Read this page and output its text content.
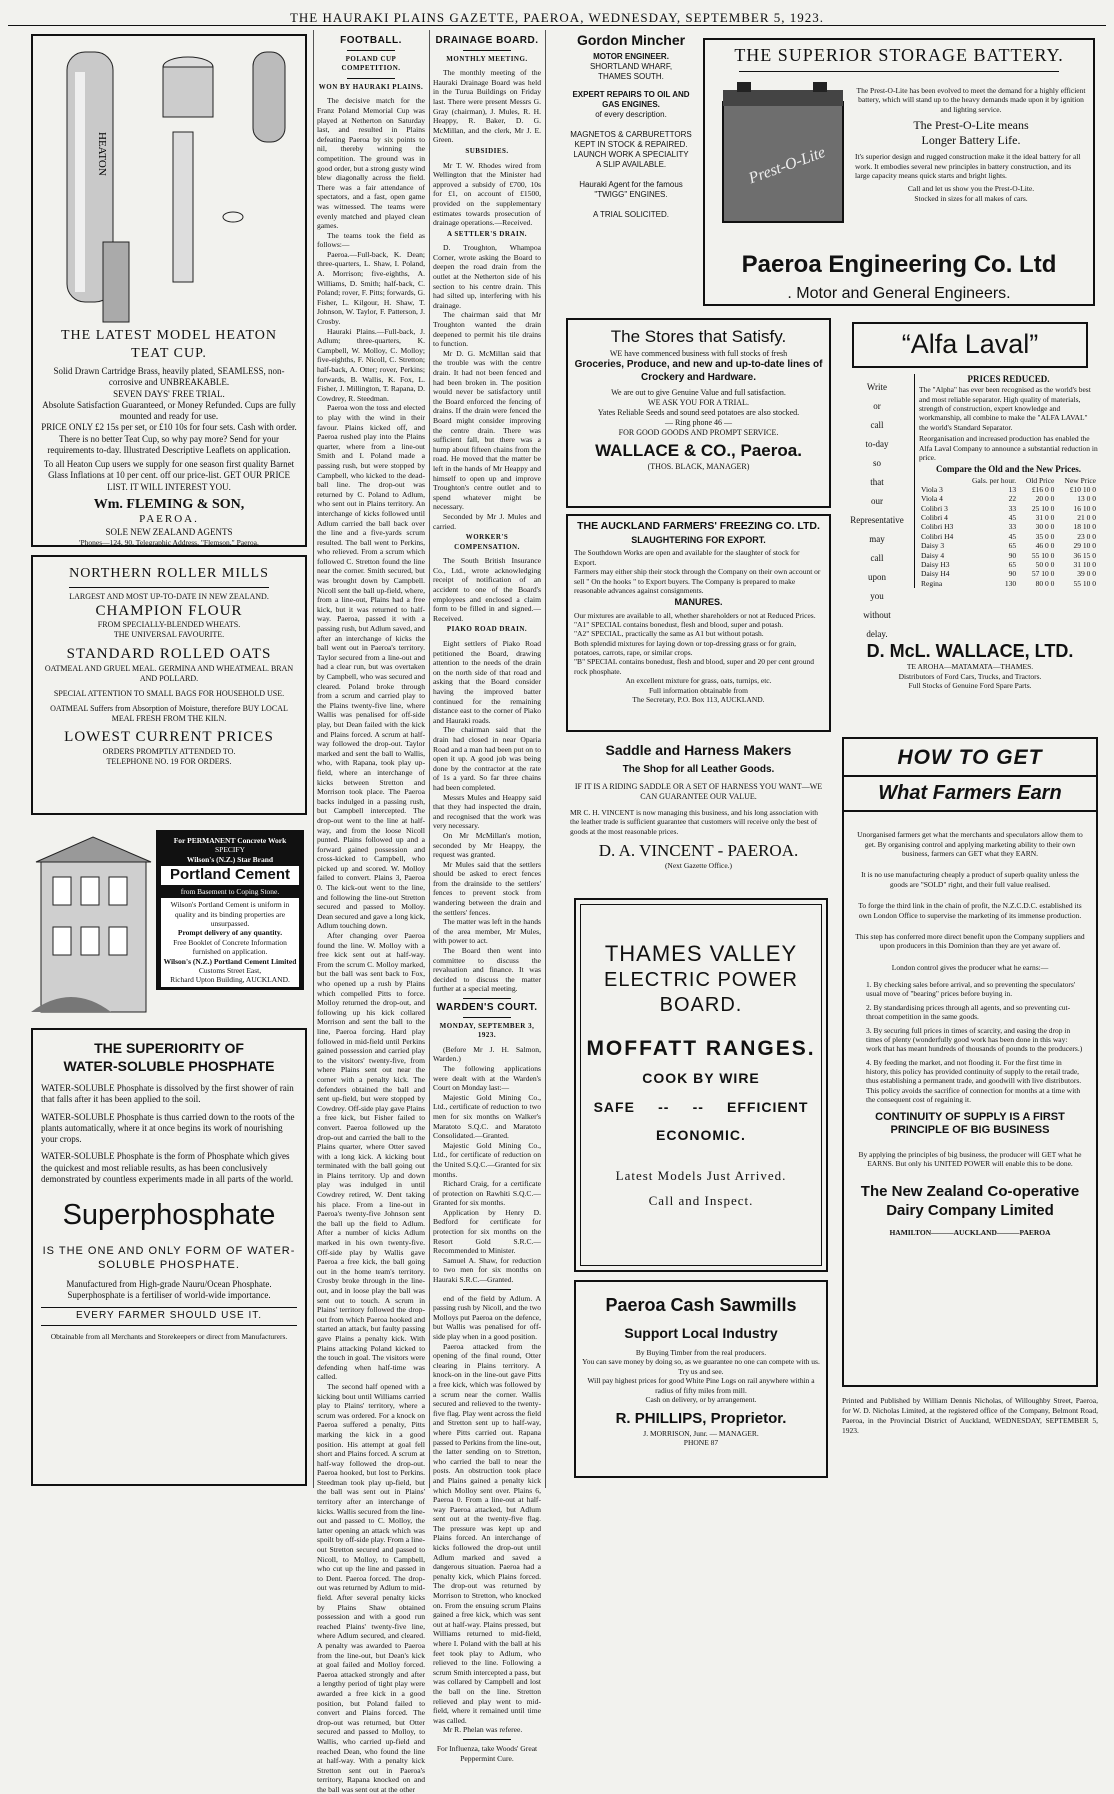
THE HAURAKI PLAINS GAZETTE, PAEROA, WEDNESDAY, SEPTEMBER 5, 1923.
HEATON
THE LATEST MODEL HEATON
TEAT CUP.
Solid Drawn Cartridge Brass, heavily plated, SEAMLESS, non-corrosive and UNBREAKABLE.
SEVEN DAYS' FREE TRIAL.
Absolute Satisfaction Guaranteed, or Money Refunded. Cups are fully mounted and ready for use.
PRICE ONLY £2 15s per set, or £10 10s for four sets. Cash with order.
There is no better Teat Cup, so why pay more? Send for your requirements to-day. Illustrated Descriptive Leaflets on application.
To all Heaton Cup users we supply for one season first quality Barnet Glass Inflations at 10 per cent. off our price-list. GET OUR PRICE LIST. IT WILL INTEREST YOU.
Wm. FLEMING & SON,
PAEROA.
SOLE NEW ZEALAND AGENTS
'Phones—124, 90. Telegraphic Address, "Flemson," Paeroa.
NORTHERN ROLLER MILLS
LARGEST AND MOST UP-TO-DATE IN NEW ZEALAND.
CHAMPION FLOUR
FROM SPECIALLY-BLENDED WHEATS.
THE UNIVERSAL FAVOURITE.
STANDARD ROLLED OATS
OATMEAL AND GRUEL MEAL. GERMINA AND WHEATMEAL. BRAN AND POLLARD.
SPECIAL ATTENTION TO SMALL BAGS FOR HOUSEHOLD USE.
OATMEAL Suffers from Absorption of Moisture, therefore BUY LOCAL MEAL FRESH FROM THE KILN.
LOWEST CURRENT PRICES
ORDERS PROMPTLY ATTENDED TO.
TELEPHONE NO. 19 FOR ORDERS.
For PERMANENT Concrete Work
SPECIFY
Wilson's (N.Z.) Star Brand
Portland Cement
from Basement to Coping Stone.
Wilson's Portland Cement is uniform in quality and its binding properties are unsurpassed.
Prompt delivery of any quantity.
Free Booklet of Concrete Information furnished on application.
Wilson's (N.Z.) Portland Cement Limited
Customs Street East,
Richard Upton Building, AUCKLAND.
THE SUPERIORITY OF
WATER-SOLUBLE PHOSPHATE

WATER-SOLUBLE Phosphate is dissolved by the first shower of rain that falls after it has been applied to the soil.

WATER-SOLUBLE Phosphate is thus carried down to the roots of the plants automatically, where it at once begins its work of nourishing your crops.

WATER-SOLUBLE Phosphate is the form of Phosphate which gives the quickest and most reliable results, as has been conclusively demonstrated by countless experiments made in all parts of the world.

Superphosphate
IS THE ONE AND ONLY FORM OF WATER-SOLUBLE PHOSPHATE.
Manufactured from High-grade Nauru/Ocean Phosphate.
Superphosphate is a fertiliser of world-wide importance.
EVERY FARMER SHOULD USE IT.
Obtainable from all Merchants and Storekeepers or direct from Manufacturers.
FOOTBALL.
POLAND CUP COMPETITION.
WON BY HAURAKI PLAINS.

The decisive match for the Franz Poland Memorial Cup was played at Netherton on Saturday last, and resulted in Plains defeating Paeroa by six points to nil, thereby winning the competition. The ground was in good order, but a strong gusty wind blew diagonally across the field. There was a fair attendance of spectators, and a fast, open game was witnessed. The teams were evenly matched and played clean games.

The teams took the field as follows:—

Paeroa.—Full-back, K. Dean; three-quarters, L. Shaw, I. Poland, A. Morrison; five-eighths, A. Williams, D. Smith; half-back, C. Poland; rover, F. Pitts; forwards, G. Fisher, L. Kilgour, H. Shaw, T. Johnson, W. Taylor, F. Patterson, J. Crosby.

Hauraki Plains.—Full-back, J. Adlum; three-quarters, K. Campbell, W. Molloy, C. Molloy; five-eighths, F. Nicoll, C. Stretton; half-back, A. Otter; rover, Perkins; forwards, B. Wallis, K. Fox, L. Fisher, J. Millington, T. Rapana, D. Cowdrey, R. Steedman.

Paeroa won the toss and elected to play with the wind in their favour. Plains kicked off, and Paeroa rushed play into the Plains quarter, where from a line-out Smith and I. Poland made a passing rush, but were stopped by Campbell, who kicked to the dead-ball line. The drop-out was returned by C. Poland to Adlum, who sent out in Plains territory. An interchange of kicks followed until Adlum carried the ball back over the line and a five-yards scrum resulted. The ball went to Perkins, who relieved. From a scrum which followed C. Stretton found the line near the corner. Smith secured, but was brought down by Campbell. Nicoll sent the ball up-field, where, from a line-out, Plains had a free kick, but it was returned to half-way. Paeroa, passed it with a passing rush, but Adlum saved, and after an interchange of kicks the ball went out in Paeroa's territory. Taylor secured from a line-out and had a clear run, but was overtaken by Campbell, who was secured and cleared. Poland broke through from a scrum and carried play to the Plains twenty-five line, where Wallis was penalised for off-side play, but Dean failed with the kick and Plains forced. A scrum at half-way followed the drop-out. Taylor marked and sent the ball to Wallis, who, with Rapana, took play up-field, where an interchange of kicks between Stretton and Morrison took place. The Paeroa backs indulged in a passing rush, but Campbell intercepted. The drop-out went to the line at half-way, and from the loose Nicoll punted. Plains followed up and a forward gained possession and cross-kicked to Campbell, who picked up and scored. W. Molloy failed to convert. Plains 3, Paeroa 0. The kick-out went to the line, and following the line-out Stretton secured and passed to Molloy. Dean secured and gave a long kick, Adlum touching down.

After changing over Paeroa found the line. W. Molloy with a free kick sent out at half-way. From the scrum C. Molloy marked, but the ball was sent back to Fox, who opened up a rush by Plains which compelled Pitts to force. Molloy returned the drop-out, and following up his kick collared Morrison and sent the ball to the line, Paeroa forcing. Hard play followed in mid-field until Perkins gained possession and carried play to the visitors' twenty-five, from where Plains sent out near the corner with a penalty kick. The defenders obtained the ball and sent up-field, but were stopped by Cowdrey. Off-side play gave Plains a free kick, but Fisher failed to convert. Paeroa followed up the drop-out and carried the ball to the Plains quarter, where Otter saved with a long kick. A kicking bout terminated with the ball going out in Plains territory. Up and down play was indulged in until Cowdrey retired, W. Dent taking his place. From a line-out in Paeroa's twenty-five Johnson sent the ball up the field to Adlum. After a number of kicks Adlum marked in his own twenty-five. Off-side play by Wallis gave Paeroa a free kick, the ball going out in the home team's territory. Crosby broke through in the line-out, and in loose play the ball was sent out to touch. A scrum in Plains' territory followed the drop-out from which Paeroa hooked and started an attack, but faulty passing gave Plains a penalty kick. With Plains attacking Poland kicked to the touch in goal. The visitors were defending when half-time was called.

The second half opened with a kicking bout until Williams carried play to Plains' territory, where a scrum was ordered. For a knock on Paeroa suffered a penalty, Pitts marking the kick in a good position. His attempt at goal fell short and Plains forced. A scrum at half-way followed the drop-out. Paeroa hooked, but lost to Perkins. Steedman took play up-field, but the ball was sent out in Plains' territory after an interchange of kicks. Wallis secured from the line-out and passed to C. Molloy, the latter opening an attack which was spoilt by off-side play. From a line-out Stretton secured and passed to Nicoll, to Molloy, to Campbell, who cut up the line and passed in to Dent. Paeroa forced. The drop-out was returned by Adlum to mid-field. After several penalty kicks by Plains Shaw obtained possession and with a good run reached Plains' twenty-five line, where Adlum secured, and cleared. A penalty was awarded to Paeroa from the line-out, but Dean's kick at goal failed and Molloy forced. Paeroa attacked strongly and after a lengthy period of tight play were awarded a free kick in a good position, but Poland failed to convert and Plains forced. The drop-out was returned, but Otter secured and passed to Molloy, to Wallis, who carried up-field and reached Dean, who found the line at half-way. With a penalty kick Stretton sent out in Paeroa's territory, Rapana knocked on and the ball was sent out at the other

DRAINAGE BOARD.
MONTHLY MEETING.

The monthly meeting of the Hauraki Drainage Board was held in the Turua Buildings on Friday last. There were present Messrs G. Gray (chairman), J. Mules, R. H. Heappy, R. Baker, D. G. McMillan, and the clerk, Mr J. E. Green.

SUBSIDIES.

Mr T. W. Rhodes wired from Wellington that the Minister had approved a subsidy of £700, 10s for £1, on account of £1500, provided on the supplementary estimates towards prosecution of drainage operations.—Received.

A SETTLER'S DRAIN.

D. Troughton, Whampoa Corner, wrote asking the Board to deepen the road drain from the outlet at the Netherton side of his section to his centre drain. This had silted up, interfering with his drainage.

The chairman said that Mr Troughton wanted the drain deepened to permit his tile drains to function.

Mr D. G. McMillan said that the trouble was with the centre drain. It had not been fenced and had been broken in. The position would never be satisfactory until the Board enforced the fencing of drains. If the drain were fenced the Board might consider improving the centre drain. There was sufficient fall, but there was a hump about fifteen chains from the road. He moved that the matter be left in the hands of Mr Heappy and himself to open up and improve Troughton's centre outlet and to spend whatever might be necessary.

Seconded by Mr J. Mules and carried.

WORKER'S COMPENSATION.

The South British Insurance Co., Ltd., wrote acknowledging receipt of notification of an accident to one of the Board's employees and enclosed a claim form to be filled in and signed.—Received.

PIAKO ROAD DRAIN.

Eight settlers of Piako Road petitioned the Board, drawing attention to the needs of the drain on the north side of that road and asking that the Board consider having the improved batter continued for the remaining distance east to the corner of Piako and Hauraki roads.

The chairman said that the drain had closed in near Oparia Road and a man had been put on to open it up. A good job was being done by the contractor at the rate of 1s a yard. So far three chains had been completed.

Messrs Mules and Heappy said that they had inspected the drain, and recognised that the work was very necessary.

On Mr McMillan's motion, seconded by Mr Heappy, the request was granted.

Mr Mules said that the settlers should be asked to erect fences from the drainside to the settlers' fences to prevent stock from wandering between the drain and the settlers' fences.

The matter was left in the hands of the area member, Mr Mules, with power to act.

The Board then went into committee to discuss the revaluation and finance. It was decided to discuss the matter further at a special meeting.

WARDEN'S COURT.
MONDAY, SEPTEMBER 3, 1923.

(Before Mr J. H. Salmon, Warden.)

The following applications were dealt with at the Warden's Court on Monday last:—

Majestic Gold Mining Co., Ltd., certificate of reduction to two men for six months on Walker's Maratoto S.Q.C. and Maratoto Consolidated.—Granted.

Majestic Gold Mining Co., Ltd., for certificate of reduction on the United S.Q.C.—Granted for six months.

Richard Craig, for a certificate of protection on Rawhiti S.Q.C.—Granted for six months.

Application by Henry D. Bedford for certificate for protection for six months on the Resort Gold S.R.C.—Recommended to Minister.

Samuel A. Shaw, for reduction to two men for six months on Hauraki S.R.C.—Granted.

end of the field by Adlum. A passing rush by Nicoll, and the two Molloys put Paeroa on the defence, but Wallis was penalised for off-side play when in a good position.

Paeroa attacked from the opening of the final round, Otter clearing in Plains territory. A knock-on in the line-out gave Pitts a free kick, which was followed by a scrum near the corner. Wallis secured and relieved to the twenty-five flag. Play went across the field and Stretton sent up to half-way, where Pitts carried out. Rapana passed to Perkins from the line-out, the latter sending on to Stretton, who carried the ball to near the posts. An obstruction took place and Plains gained a penalty kick which Molloy sent over. Plains 6, Paeroa 0. From a line-out at half-way Paeroa attacked, but Adlum sent out at the twenty-five flag. The pressure was kept up and Plains forced. An interchange of kicks followed the drop-out until Adlum marked and saved a dangerous situation. Paeroa had a penalty kick, which Plains forced. The drop-out was returned by Morrison to Stretton, who knocked on. From the ensuing scrum Plains gained a free kick, which was sent out at half-way. Plains pressed, but Williams returned to mid-field, where I. Poland with the ball at his feet took play to Adlum, who relieved to the line. Following a scrum Smith intercepted a pass, but was collared by Campbell and lost the ball on the line. Stretton relieved and play went to mid-field, where it remained until time was called.

Mr R. Phelan was referee.

For Influenza, take Woods' Great Peppermint Cure.

Gordon Mincher
MOTOR ENGINEER.
SHORTLAND WHARF,
THAMES SOUTH.
EXPERT REPAIRS TO OIL AND GAS ENGINES.
of every description.
MAGNETOS & CARBURETTORS KEPT IN STOCK & REPAIRED.
LAUNCH WORK A SPECIALITY
A SLIP AVAILABLE.
Hauraki Agent for the famous "TWIGG" ENGINES.
A TRIAL SOLICITED.
The Stores that Satisfy.
WE have commenced business with full stocks of fresh
Groceries, Produce, and new and up-to-date lines of Crockery and Hardware.
We are out to give Genuine Value and full satisfaction.
WE ASK YOU FOR A TRIAL.
Yates Reliable Seeds and sound seed potatoes are also stocked.
— Ring phone 46 —
FOR GOOD GOODS AND PROMPT SERVICE.
WALLACE & CO., Paeroa.
(THOS. BLACK, MANAGER)
THE AUCKLAND FARMERS' FREEZING CO. LTD.
SLAUGHTERING FOR EXPORT.
The Southdown Works are open and available for the slaughter of stock for Export.
Farmers may either ship their stock through the Company on their own account or sell " On the hooks " to Export buyers. The Company is prepared to make reasonable advances against consignments.
MANURES.
Our mixtures are available to all, whether shareholders or not at Reduced Prices.
"A1" SPECIAL contains bonedust, flesh and blood, super and potash.
"A2" SPECIAL, practically the same as A1 but without potash.
Both splendid mixtures for laying down or top-dressing grass or for grain, potatoes, carrots, rape, or similar crops.
"B" SPECIAL contains bonedust, flesh and blood, super and 20 per cent ground rock phosphate.
An excellent mixture for grass, oats, turnips, etc.
Full information obtainable from
The Secretary, P.O. Box 113, AUCKLAND.
Saddle and Harness Makers
The Shop for all Leather Goods.
IF IT IS A RIDING SADDLE OR A SET OF HARNESS YOU WANT—WE CAN GUARANTEE OUR VALUE.
MR C. H. VINCENT is now managing this business, and his long association with the leather trade is sufficient guarantee that customers will receive only the best of goods at the most reasonable prices.
D. A. VINCENT - PAEROA.
(Next Gazette Office.)
THAMES VALLEY
ELECTRIC POWER BOARD.
MOFFATT RANGES.
COOK BY WIRE
SAFE -- -- EFFICIENT
ECONOMIC.
Latest Models Just Arrived.
Call and Inspect.
Paeroa Cash Sawmills
Support Local Industry
By Buying Timber from the real producers.
You can save money by doing so, as we guarantee no one can compete with us. Try us and see.
Will pay highest prices for good White Pine Logs on rail anywhere within a radius of fifty miles from mill.
Cash on delivery, or by arrangement.
R. PHILLIPS, Proprietor.
J. MORRISON, Junr. — MANAGER.
PHONE 87
THE SUPERIOR STORAGE BATTERY.
Prest-O-Lite
The Prest-O-Lite has been evolved to meet the demand for a highly efficient battery, which will stand up to the heavy demands made upon it by ignition and lighting service.
The Prest-O-Lite means
Longer Battery Life.
It's superior design and rugged construction make it the ideal battery for all work. It embodies several new principles in battery construction, and its large capacity means quick starts and bright lights.
Call and let us show you the Prest-O-Lite.
Stocked in sizes for all makes of cars.
Paeroa Engineering Co. Ltd
. Motor and General Engineers.
“Alfa Laval”
Write
or
call
to-day
so
that
our
Representative
may
call
upon
you
without
delay.
PRICES REDUCED.
The "Alpha" has ever been recognised as the world's best and most reliable separator. High quality of materials, strength of construction, expert knowledge and workmanship, all combine to make the "ALFA LAVAL" the world's Standard Separator.
Reorganisation and increased production has enabled the Alfa Laval Company to announce a substantial reduction in price.
Compare the Old and the New Prices.
	Gals. per hour.	Old Price	New Price
Viola 3	13	£16 0 0	£10 10 0
Viola 4	22	20 0 0	13 0 0
Colibri 3	33	25 10 0	16 10 0
Colibri 4	45	31 0 0	21 0 0
Colibri H3	33	30 0 0	18 10 0
Colibri H4	45	35 0 0	23 0 0
Daisy 3	65	46 0 0	29 10 0
Daisy 4	90	55 10 0	36 15 0
Daisy H3	65	50 0 0	31 10 0
Daisy H4	90	57 10 0	39 0 0
Regina	130	80 0 0	55 10 0
D. McL. WALLACE, LTD.
TE AROHA—MATAMATA—THAMES.
Distributors of Ford Cars, Trucks, and Tractors.
Full Stocks of Genuine Ford Spare Parts.
HOW TO GET
What Farmers Earn

Unorganised farmers get what the merchants and speculators allow them to get. By organising control and applying marketing ability to their own business, farmers can GET what they EARN.

It is no use manufacturing cheaply a product of superb quality unless the goods are "SOLD" right, and their full value realised.

To forge the third link in the chain of profit, the N.Z.C.D.C. established its own London Office to supervise the marketing of its immense production.

This step has conferred more direct benefit upon the Company suppliers and upon producers in this Dominion than they are yet aware of.

London control gives the producer what he earns:—

1. By checking sales before arrival, and so preventing the speculators' usual move of "bearing" prices before buying in.
2. By standardising prices through all agents, and so preventing cut-throat competition in the same goods.
3. By securing full prices in times of scarcity, and easing the drop in times of plenty (wonderfully good work has been done in this way: work that has meant hundreds of thousands of pounds to the producers.)
4. By feeding the market, and not flooding it. For the first time in history, this policy has provided continuity of supply to the retail trade, thus establishing a permanent trade, and goodwill with live distributors. This policy avoids the sacrifice of connection for months at a time with the consequent cost of regaining it.
CONTINUITY OF SUPPLY IS A FIRST
PRINCIPLE OF BIG BUSINESS

By applying the principles of big business, the producer will GET what he EARNS. But only his UNITED POWER will enable this to be done.

The New Zealand Co-operative
Dairy Company Limited
HAMILTON———AUCKLAND———PAEROA
Printed and Published by William Dennis Nicholas, of Willoughby Street, Paeroa, for W. D. Nicholas Limited, at the registered office of the Company, Belmont Road, Paeroa, in the Provincial District of Auckland, WEDNESDAY, SEPTEMBER 5, 1923.
